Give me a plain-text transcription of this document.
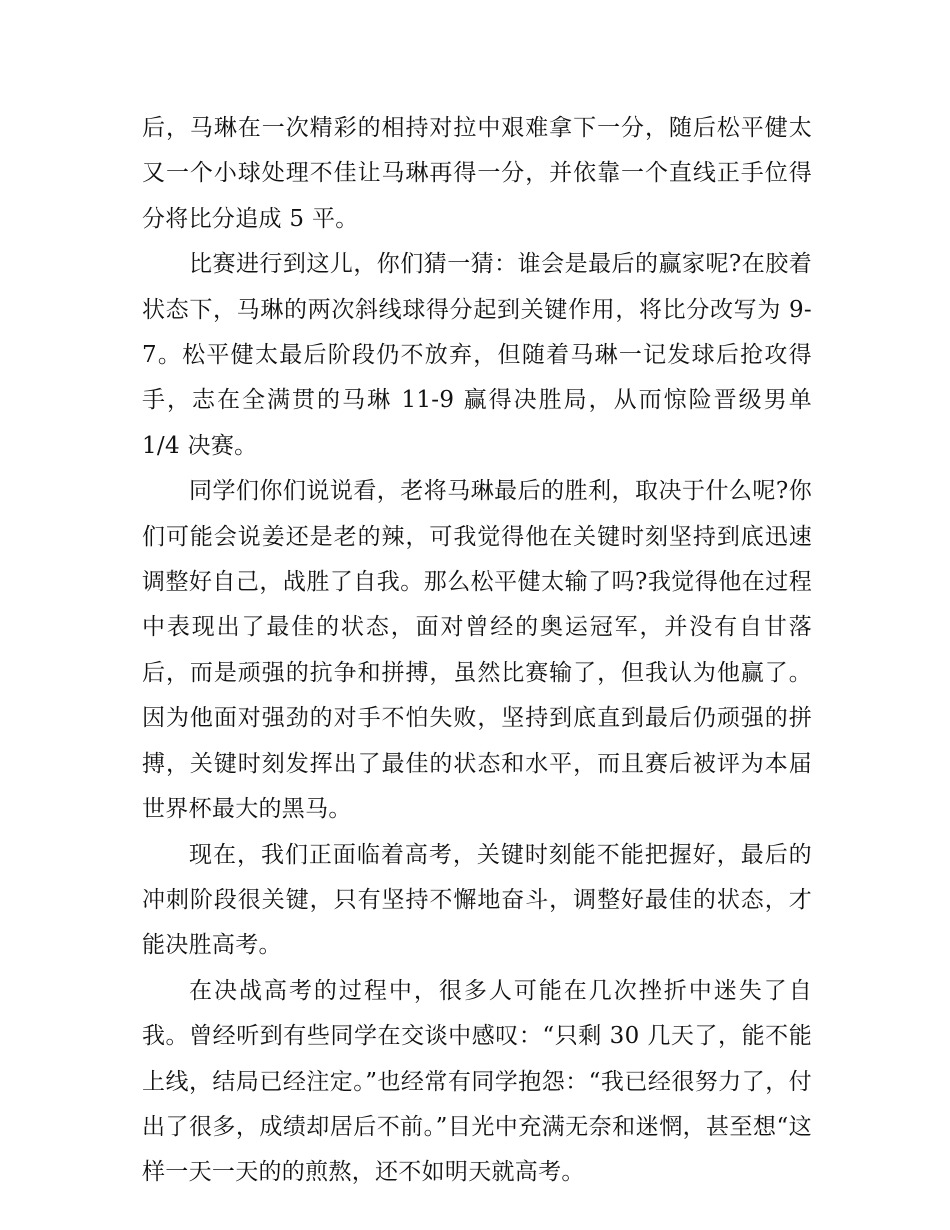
后，马琳在一次精彩的相持对拉中艰难拿下一分，随后松平健太又一个小球处理不佳让马琳再得一分，并依靠一个直线正手位得分将比分追成 5 平。

比赛进行到这儿，你们猜一猜：谁会是最后的赢家呢?在胶着状态下，马琳的两次斜线球得分起到关键作用，将比分改写为 9-7。松平健太最后阶段仍不放弃，但随着马琳一记发球后抢攻得手，志在全满贯的马琳 11-9 赢得决胜局，从而惊险晋级男单 1/4 决赛。

同学们你们说说看，老将马琳最后的胜利，取决于什么呢?你们可能会说姜还是老的辣，可我觉得他在关键时刻坚持到底迅速调整好自己，战胜了自我。那么松平健太输了吗?我觉得他在过程中表现出了最佳的状态，面对曾经的奥运冠军，并没有自甘落后，而是顽强的抗争和拼搏，虽然比赛输了，但我认为他赢了。因为他面对强劲的对手不怕失败，坚持到底直到最后仍顽强的拼搏，关键时刻发挥出了最佳的状态和水平，而且赛后被评为本届世界杯最大的黑马。

现在，我们正面临着高考，关键时刻能不能把握好，最后的冲刺阶段很关键，只有坚持不懈地奋斗，调整好最佳的状态，才能决胜高考。

在决战高考的过程中，很多人可能在几次挫折中迷失了自我。曾经听到有些同学在交谈中感叹：“只剩 30 几天了，能不能上线，结局已经注定。”也经常有同学抱怨：“我已经很努力了，付出了很多，成绩却居后不前。”目光中充满无奈和迷惘，甚至想“这样一天一天的的煎熬，还不如明天就高考。
